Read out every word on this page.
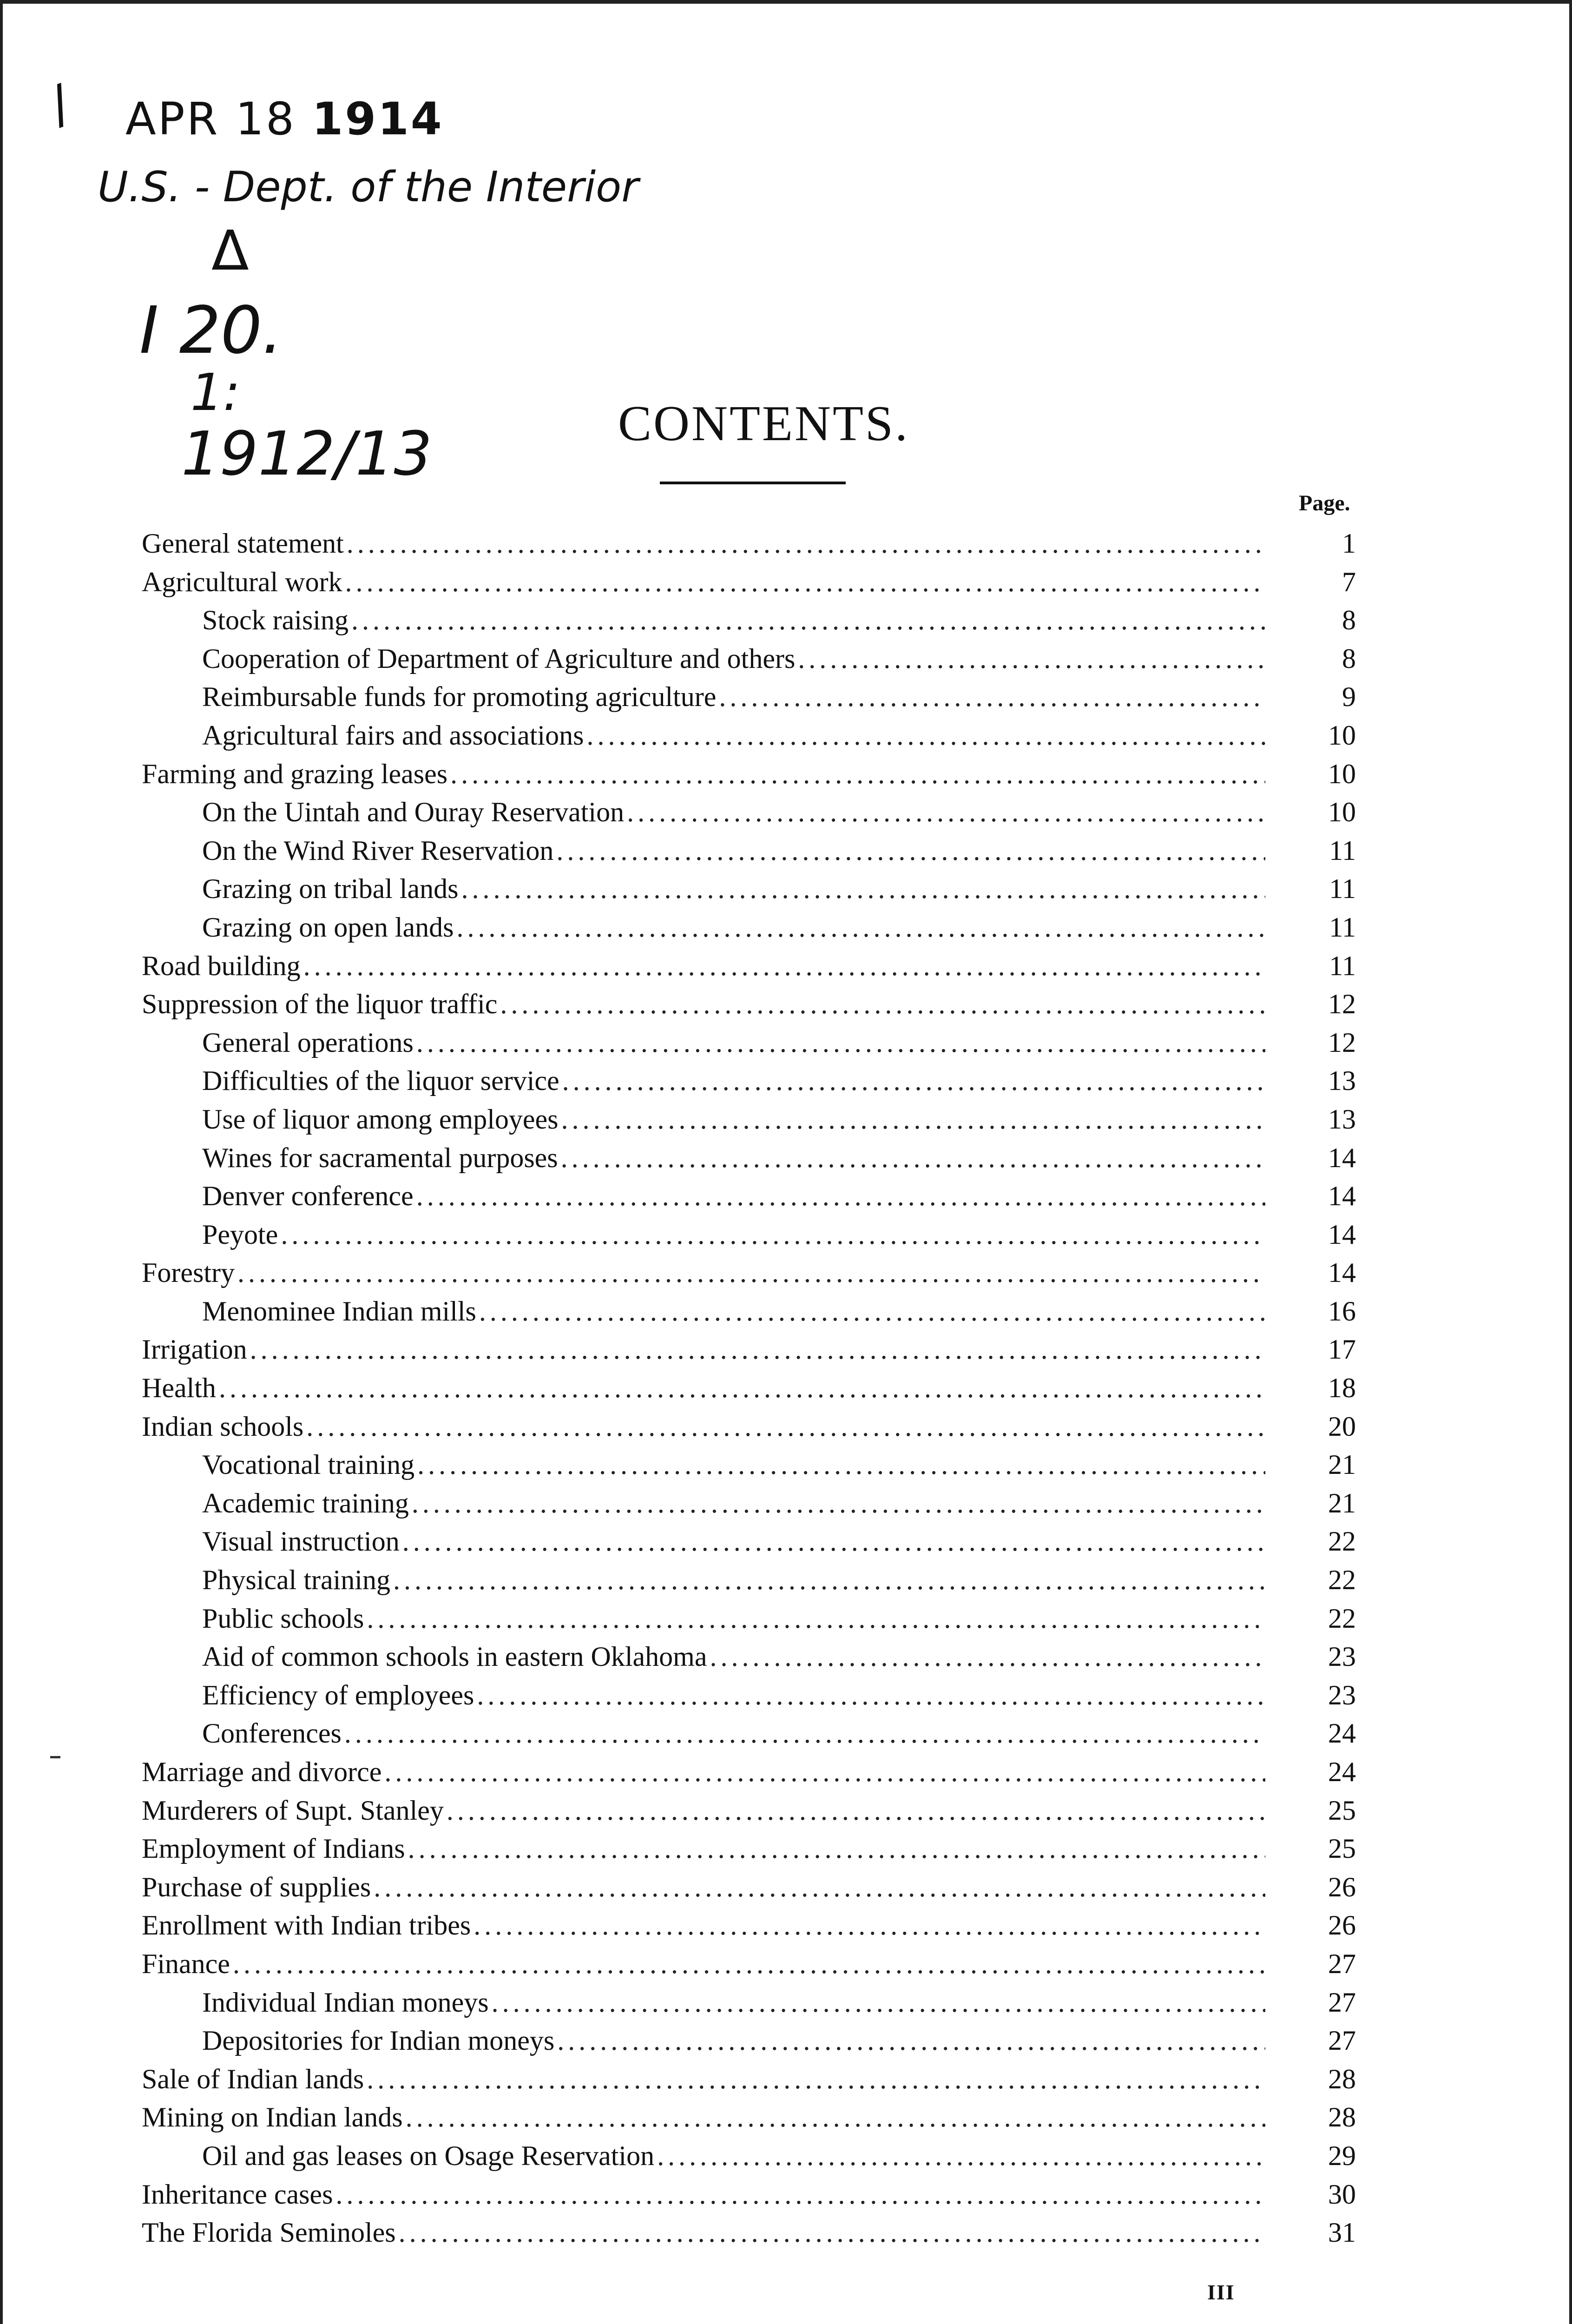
/ APR 18 1914
U.S. - Dept. of the Interior
Δ
I 20.
1:
1912/13	CONTENTS.
Page.
General statement .....	1
Agricultural work .....	7
Stock raising .....	8
Cooperation of Department of Agriculture and others .....	8
Reimbursable funds for promoting agriculture .....	9
Agricultural fairs and associations .....	10
Farming and grazing leases .....	10
On the Uintah and Ouray Reservation .....	10
On the Wind River Reservation .....	11
Grazing on tribal lands .....	11
Grazing on open lands .....	11
Road building .....	11
Suppression of the liquor traffic .....	12
General operations .....	12
Difficulties of the liquor service .....	13
Use of liquor among employees .....	13
Wines for sacramental purposes .....	14
Denver conference .....	14
Peyote .....	14
Forestry .....	14
Menominee Indian mills .....	16
Irrigation .....	17
Health .....	18
Indian schools .....	20
Vocational training .....	21
Academic training .....	21
Visual instruction .....	22
Physical training .....	22
Public schools .....	22
Aid of common schools in eastern Oklahoma .....	23
Efficiency of employees .....	23
Conferences .....	24
Marriage and divorce .....	24
Murderers of Supt. Stanley .....	25
Employment of Indians .....	25
Purchase of supplies .....	26
Enrollment with Indian tribes .....	26
Finance .....	27
Individual Indian moneys .....	27
Depositories for Indian moneys .....	27
Sale of Indian lands .....	28
Mining on Indian lands .....	28
Oil and gas leases on Osage Reservation .....	29
Inheritance cases .....	30
The Florida Seminoles .....	31
III
